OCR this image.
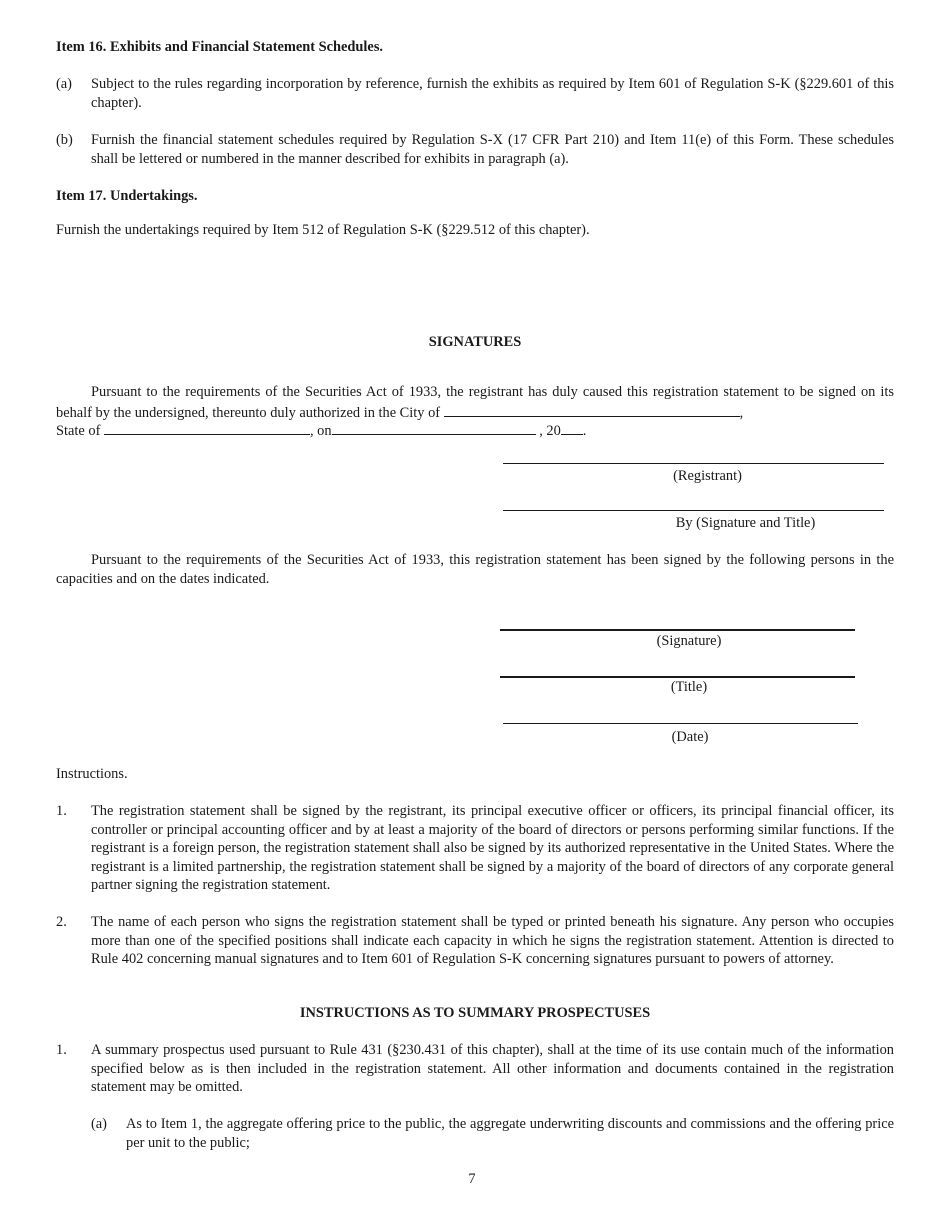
Item 16. Exhibits and Financial Statement Schedules.
(a) Subject to the rules regarding incorporation by reference, furnish the exhibits as required by Item 601 of Regulation S-K (§229.601 of this chapter).
(b) Furnish the financial statement schedules required by Regulation S-X (17 CFR Part 210) and Item 11(e) of this Form. These schedules shall be lettered or numbered in the manner described for exhibits in paragraph (a).
Item 17. Undertakings.
Furnish the undertakings required by Item 512 of Regulation S-K (§229.512 of this chapter).
SIGNATURES
Pursuant to the requirements of the Securities Act of 1933, the registrant has duly caused this registration statement to be signed on its behalf by the undersigned, thereunto duly authorized in the City of	,
State of	, on	, 20 .
(Registrant)
By (Signature and Title)
Pursuant to the requirements of the Securities Act of 1933, this registration statement has been signed by the following persons in the capacities and on the dates indicated.
(Signature)
(Title)
(Date)
Instructions.
1. The registration statement shall be signed by the registrant, its principal executive officer or officers, its principal financial officer, its controller or principal accounting officer and by at least a majority of the board of directors or persons performing similar functions. If the registrant is a foreign person, the registration statement shall also be signed by its authorized representative in the United States. Where the registrant is a limited partnership, the registration statement shall be signed by a majority of the board of directors of any corporate general partner signing the registration statement.
2. The name of each person who signs the registration statement shall be typed or printed beneath his signature. Any person who occupies more than one of the specified positions shall indicate each capacity in which he signs the registration statement. Attention is directed to Rule 402 concerning manual signatures and to Item 601 of Regulation S-K concerning signatures pursuant to powers of attorney.
INSTRUCTIONS AS TO SUMMARY PROSPECTUSES
1. A summary prospectus used pursuant to Rule 431 (§230.431 of this chapter), shall at the time of its use contain much of the information specified below as is then included in the registration statement. All other information and documents contained in the registration statement may be omitted.
(a) As to Item 1, the aggregate offering price to the public, the aggregate underwriting discounts and commissions and the offering price per unit to the public;
7
